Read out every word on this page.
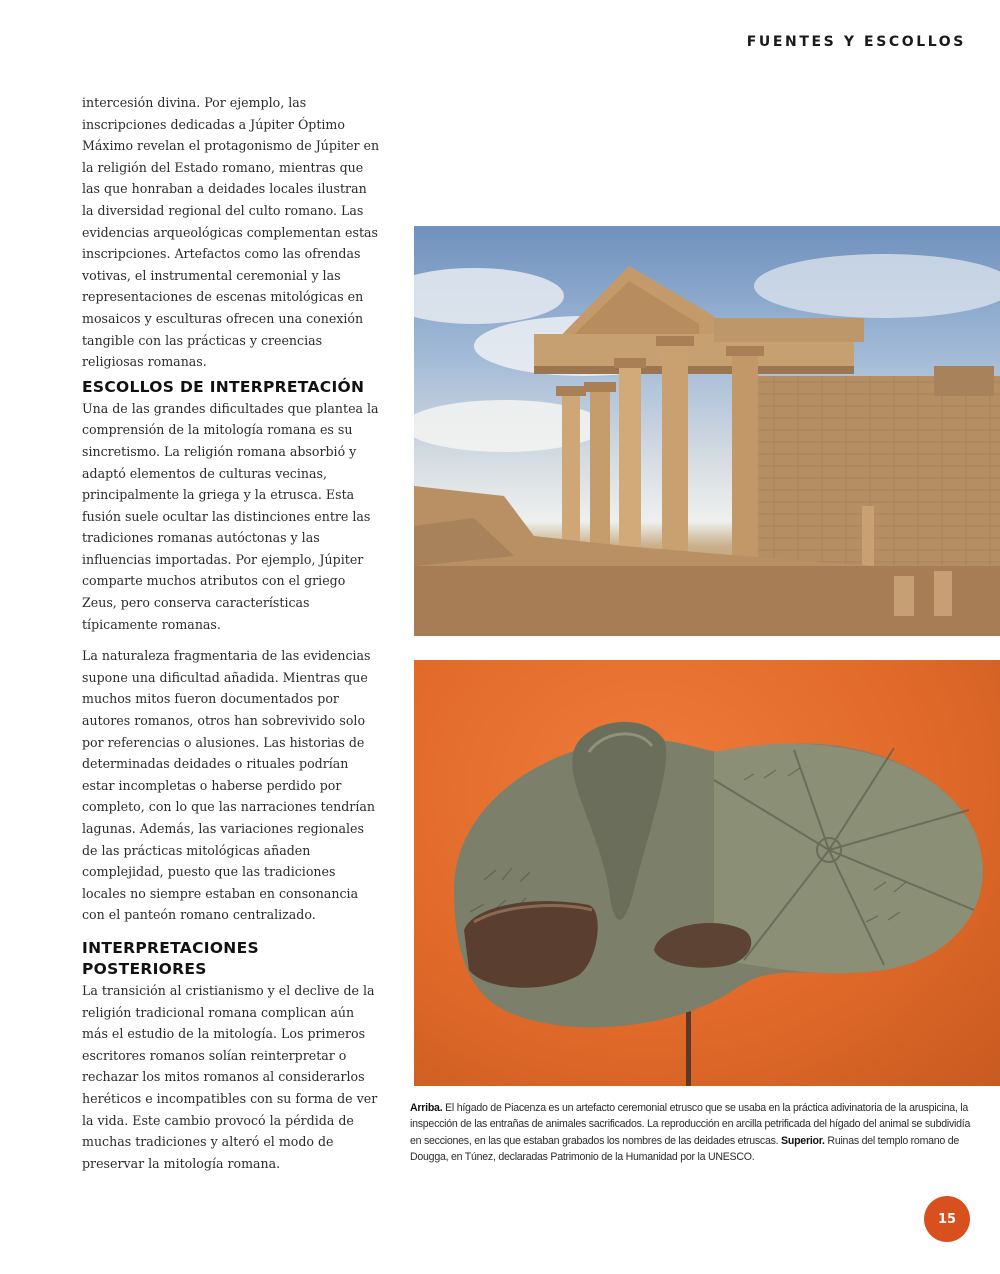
FUENTES Y ESCOLLOS

intercesión divina. Por ejemplo, las inscripciones dedicadas a Júpiter Óptimo Máximo revelan el protagonismo de Júpiter en la religión del Estado romano, mientras que las que honraban a deidades locales ilustran la diversidad regional del culto romano. Las evidencias arqueológicas complementan estas inscripciones. Artefactos como las ofrendas votivas, el instrumental ceremonial y las representaciones de escenas mitológicas en mosaicos y esculturas ofrecen una conexión tangible con las prácticas y creencias religiosas romanas.

ESCOLLOS DE INTERPRETACIÓN

Una de las grandes dificultades que plantea la comprensión de la mitología romana es su sincretismo. La religión romana absorbió y adaptó elementos de culturas vecinas, principalmente la griega y la etrusca. Esta fusión suele ocultar las distinciones entre las tradiciones romanas autóctonas y las influencias importadas. Por ejemplo, Júpiter comparte muchos atributos con el griego Zeus, pero conserva características típicamente romanas.

La naturaleza fragmentaria de las evidencias supone una dificultad añadida. Mientras que muchos mitos fueron documentados por autores romanos, otros han sobrevivido solo por referencias o alusiones. Las historias de determinadas deidades o rituales podrían estar incompletas o haberse perdido por completo, con lo que las narraciones tendrían lagunas. Además, las variaciones regionales de las prácticas mitológicas añaden complejidad, puesto que las tradiciones locales no siempre estaban en consonancia con el panteón romano centralizado.

INTERPRETACIONES POSTERIORES

La transición al cristianismo y el declive de la religión tradicional romana complican aún más el estudio de la mitología. Los primeros escritores romanos solían reinterpretar o rechazar los mitos romanos al considerarlos heréticos e incompatibles con su forma de ver la vida. Este cambio provocó la pérdida de muchas tradiciones y alteró el modo de preservar la mitología romana.

Arriba. El hígado de Piacenza es un artefacto ceremonial etrusco que se usaba en la práctica adivinatoria de la aruspicina, la inspección de las entrañas de animales sacrificados. La reproducción en arcilla petrificada del hígado del animal se subdividía en secciones, en las que estaban grabados los nombres de las deidades etruscas. Superior. Ruinas del templo romano de Dougga, en Túnez, declaradas Patrimonio de la Humanidad por la UNESCO.
15
